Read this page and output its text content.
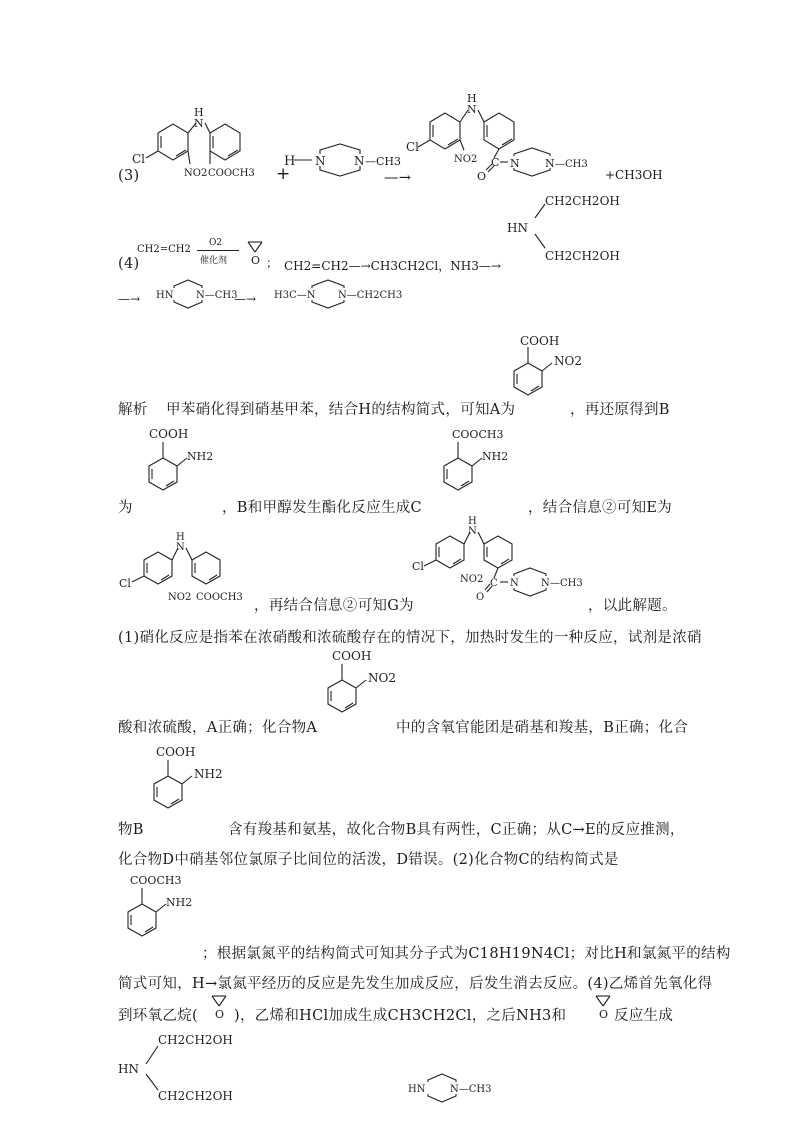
(3)
Cl
H
N
NO2 COOCH3 +
H N N —CH3
—→
Cl
H
N
NO2 C
O
N N —CH3
+CH3OH
(4)
CH2=CH2
O2
催化剂 O ； CH2=CH2—→CH3CH2Cl，NH3—→
CH2CH2OH
HN
CH2CH2OH
—→ HN N—CH3
—→ H3C—N N—CH2CH3
解析 甲苯硝化得到硝基甲苯，结合H的结构简式，可知A为
COOH
NO2
，再还原得到B
为
COOH
NH2
，B和甲醇发生酯化反应生成C
COOCH3
NH2
，结合信息②可知E为
Cl
H
N
NO2 COOCH3
，再结合信息②可知G为
Cl
H
N
NO2 C
O
N N —CH3
，以此解题。
(1)硝化反应是指苯在浓硝酸和浓硫酸存在的情况下，加热时发生的一种反应，试剂是浓硝
酸和浓硫酸，A正确；化合物A
COOH
NO2
中的含氧官能团是硝基和羧基，B正确；化合
物B
COOH
NH2
含有羧基和氨基，故化合物B具有两性，C正确；从C→E的反应推测，
化合物D中硝基邻位氯原子比间位的活泼，D错误。(2)化合物C的结构简式是
COOCH3
NH2
；根据氯氮平的结构简式可知其分子式为C18H19N4Cl；对比H和氯氮平的结构
简式可知，H→氯氮平经历的反应是先发生加成反应，后发生消去反应。(4)乙烯首先氧化得
到环氧乙烷( O )，乙烯和HCl加成生成CH3CH2Cl，之后NH3和	O 反应生成
CH2CH2OH
HN
CH2CH2OH	HN N—CH3
